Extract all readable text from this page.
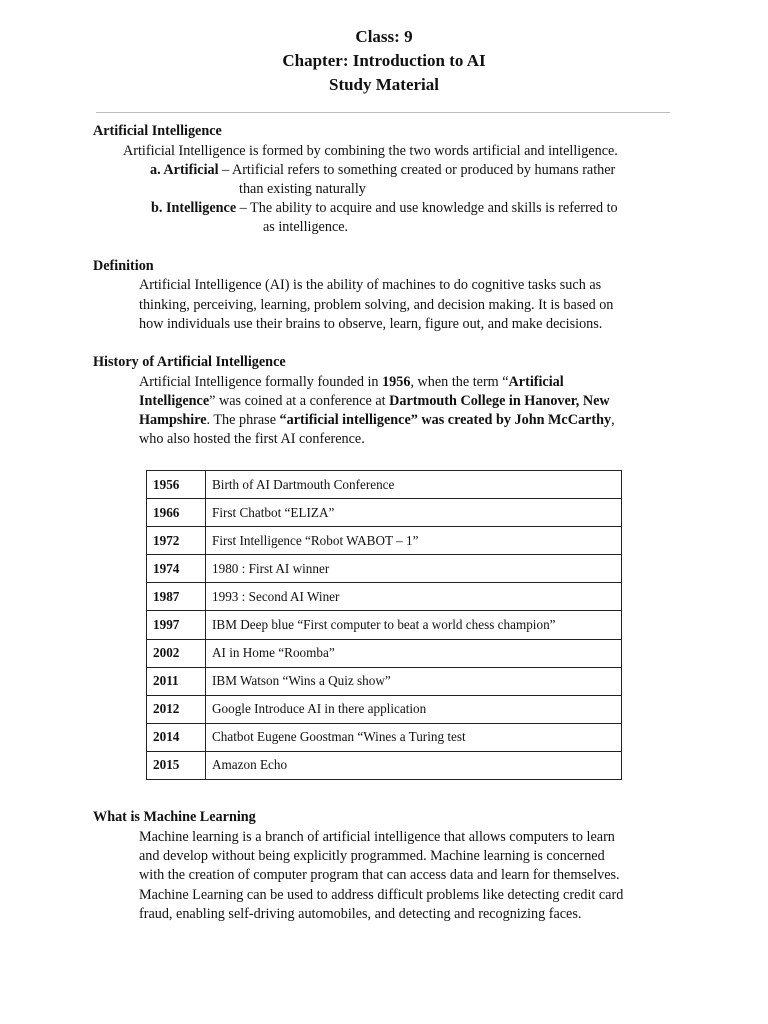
Class: 9
Chapter: Introduction to AI
Study Material
Artificial Intelligence
Artificial Intelligence is formed by combining the two words artificial and intelligence.
a. Artificial – Artificial refers to something created or produced by humans rather
than existing naturally
b. Intelligence – The ability to acquire and use knowledge and skills is referred to
as intelligence.
Definition
Artificial Intelligence (AI) is the ability of machines to do cognitive tasks such as
thinking, perceiving, learning, problem solving, and decision making. It is based on
how individuals use their brains to observe, learn, figure out, and make decisions.
History of Artificial Intelligence
Artificial Intelligence formally founded in 1956, when the term “Artificial
Intelligence” was coined at a conference at Dartmouth College in Hanover, New
Hampshire. The phrase “artificial intelligence” was created by John McCarthy,
who also hosted the first AI conference.
1956	Birth of AI Dartmouth Conference
1966	First Chatbot “ELIZA”
1972	First Intelligence “Robot WABOT – 1”
1974	1980 : First AI winner
1987	1993 : Second AI Winer
1997	IBM Deep blue “First computer to beat a world chess champion”
2002	AI in Home “Roomba”
2011	IBM Watson “Wins a Quiz show”
2012	Google Introduce AI in there application
2014	Chatbot Eugene Goostman “Wines a Turing test
2015	Amazon Echo
What is Machine Learning
Machine learning is a branch of artificial intelligence that allows computers to learn
and develop without being explicitly programmed. Machine learning is concerned
with the creation of computer program that can access data and learn for themselves.
Machine Learning can be used to address difficult problems like detecting credit card
fraud, enabling self-driving automobiles, and detecting and recognizing faces.
